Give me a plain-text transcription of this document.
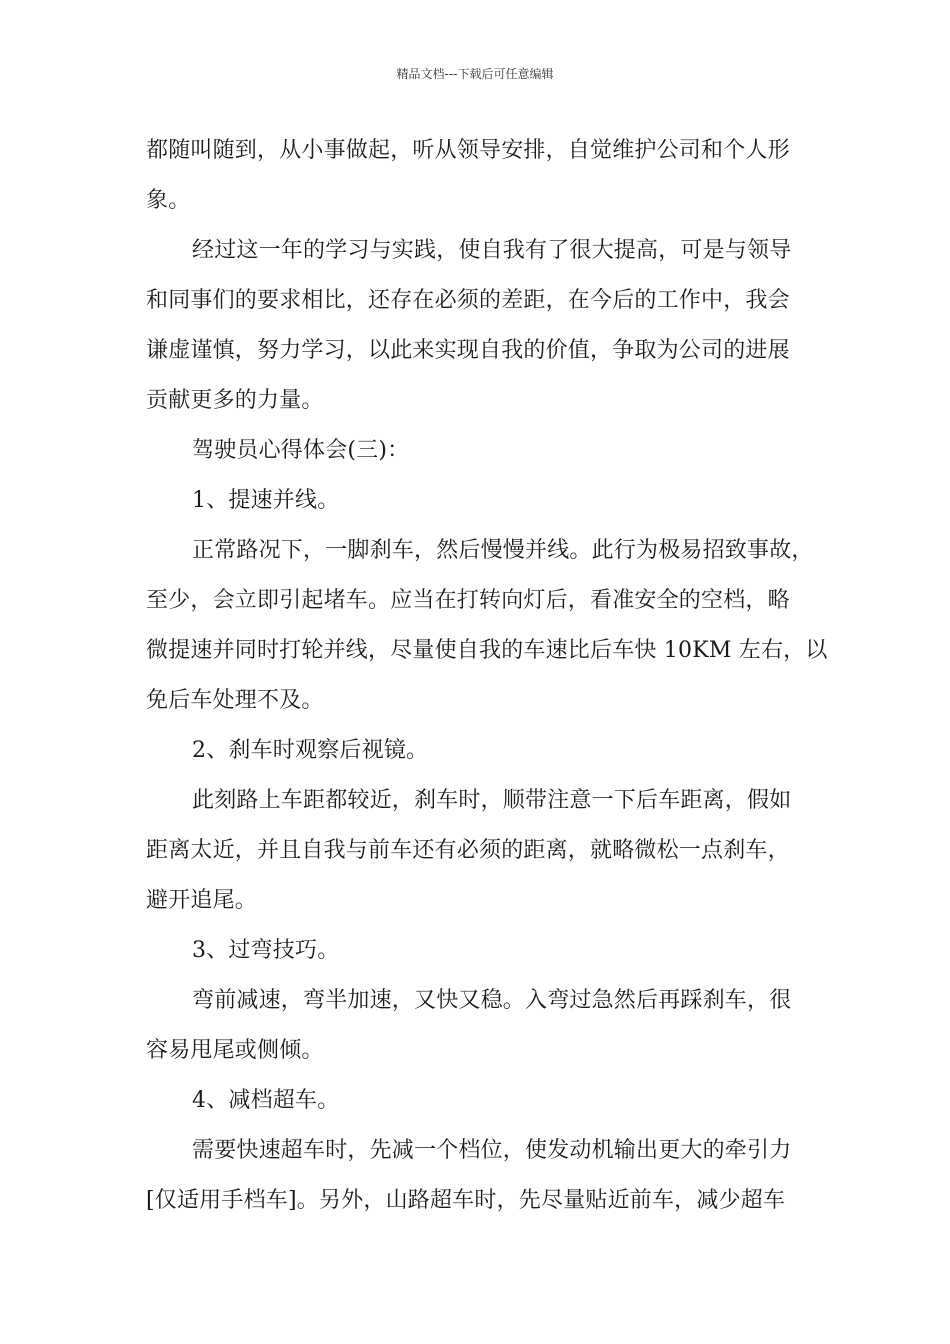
精品文档---下载后可任意编辑
都随叫随到，从小事做起，听从领导安排，自觉维护公司和个人形
象。
经过这一年的学习与实践，使自我有了很大提高，可是与领导
和同事们的要求相比，还存在必须的差距，在今后的工作中，我会
谦虚谨慎，努力学习，以此来实现自我的价值，争取为公司的进展
贡献更多的力量。
驾驶员心得体会(三)：
1、提速并线。
正常路况下，一脚刹车，然后慢慢并线。此行为极易招致事故，
至少，会立即引起堵车。应当在打转向灯后，看准安全的空档，略
微提速并同时打轮并线，尽量使自我的车速比后车快 10KM 左右，以
免后车处理不及。
2、刹车时观察后视镜。
此刻路上车距都较近，刹车时，顺带注意一下后车距离，假如
距离太近，并且自我与前车还有必须的距离，就略微松一点刹车，
避开追尾。
3、过弯技巧。
弯前减速，弯半加速，又快又稳。入弯过急然后再踩刹车，很
容易甩尾或侧倾。
4、减档超车。
需要快速超车时，先减一个档位，使发动机输出更大的牵引力
[仅适用手档车]。另外，山路超车时，先尽量贴近前车，减少超车
